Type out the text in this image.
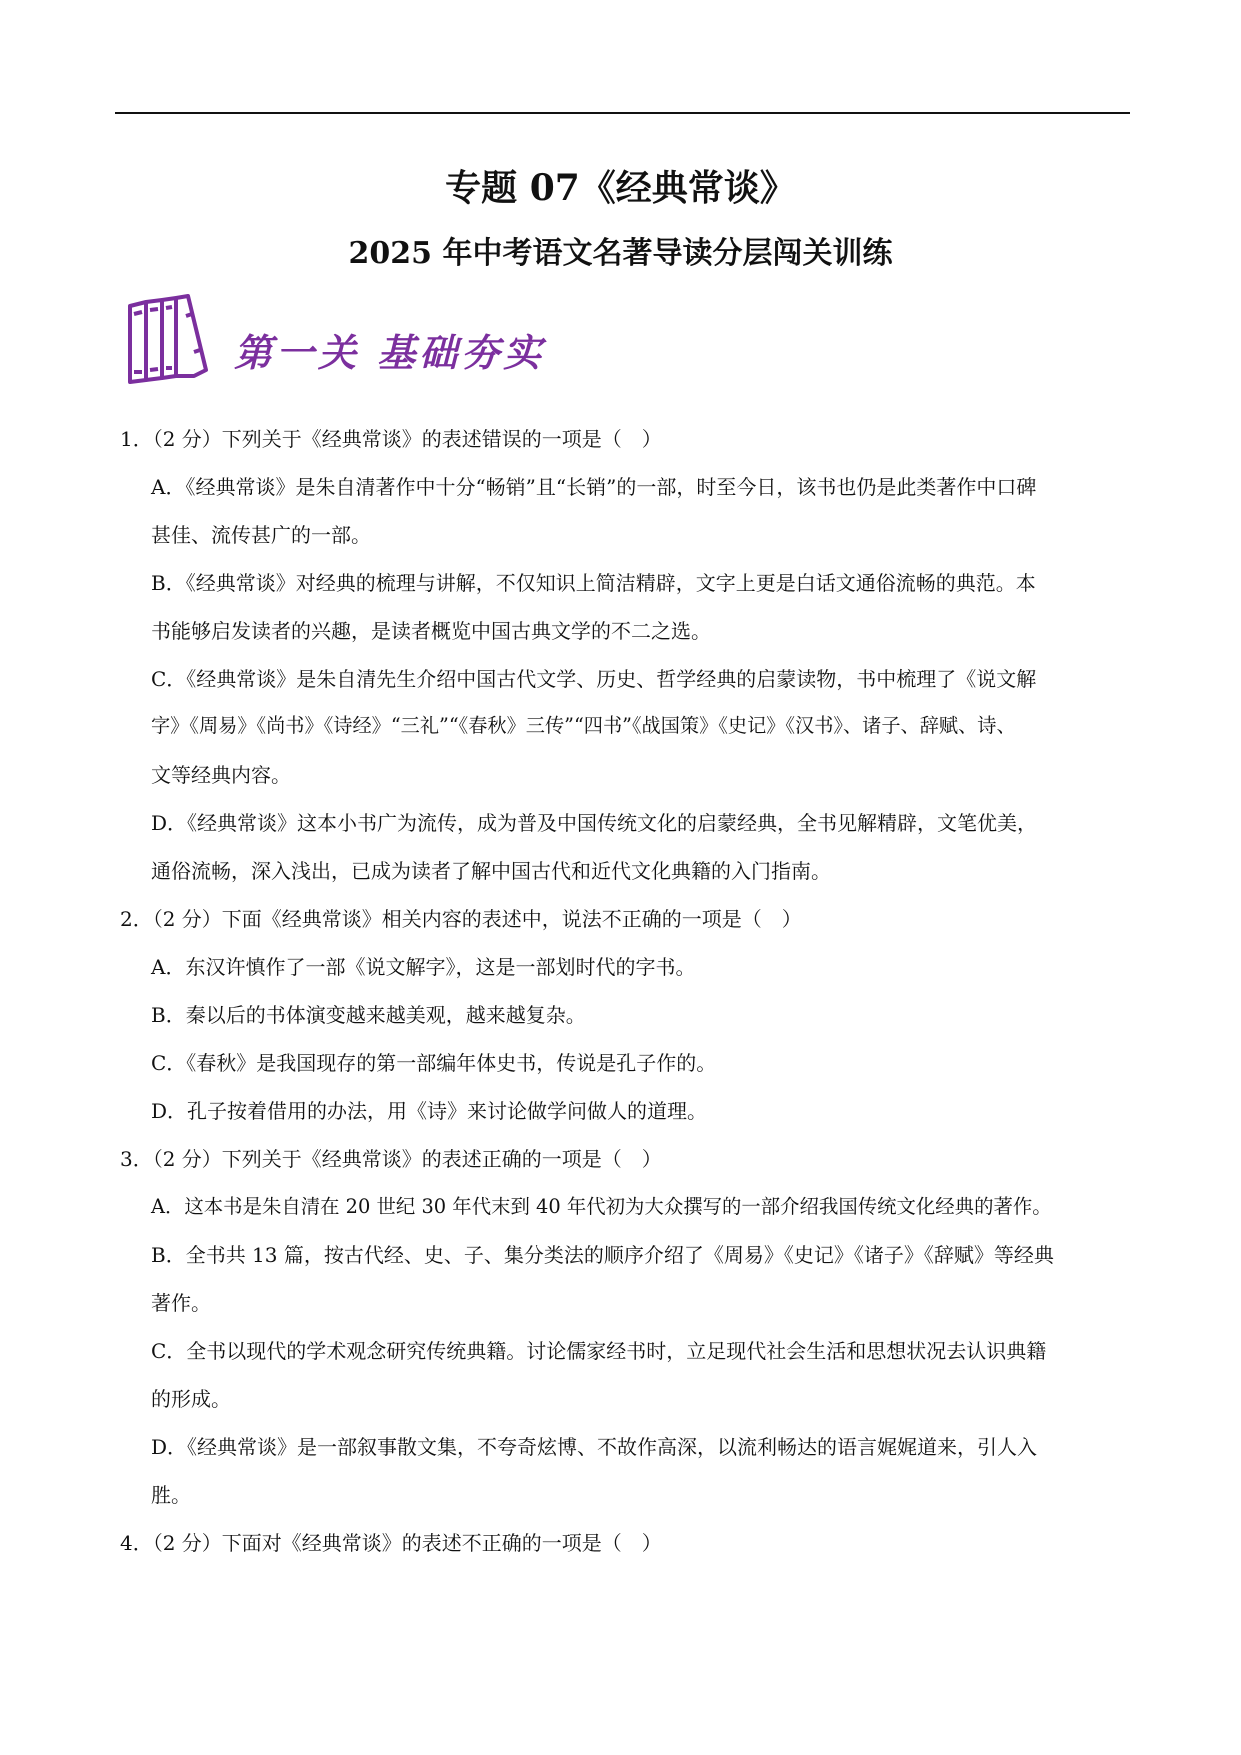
专题 07《经典常谈》
2025 年中考语文名著导读分层闯关训练
第一关 基础夯实
1．（2 分）下列关于《经典常谈》的表述错误的一项是（　）
A．《经典常谈》是朱自清著作中十分“畅销”且“长销”的一部，时至今日，该书也仍是此类著作中口碑
甚佳、流传甚广的一部。
B．《经典常谈》对经典的梳理与讲解，不仅知识上简洁精辟，文字上更是白话文通俗流畅的典范。本
书能够启发读者的兴趣，是读者概览中国古典文学的不二之选。
C．《经典常谈》是朱自清先生介绍中国古代文学、历史、哲学经典的启蒙读物，书中梳理了《说文解
字》《周易》《尚书》《诗经》“三礼”“《春秋》三传”“四书”《战国策》《史记》《汉书》、诸子、辞赋、诗、
文等经典内容。
D．《经典常谈》这本小书广为流传，成为普及中国传统文化的启蒙经典，全书见解精辟，文笔优美，
通俗流畅，深入浅出，已成为读者了解中国古代和近代文化典籍的入门指南。
2．（2 分）下面《经典常谈》相关内容的表述中，说法不正确的一项是（　）
A．东汉许慎作了一部《说文解字》，这是一部划时代的字书。
B．秦以后的书体演变越来越美观，越来越复杂。
C．《春秋》是我国现存的第一部编年体史书，传说是孔子作的。
D．孔子按着借用的办法，用《诗》来讨论做学问做人的道理。
3．（2 分）下列关于《经典常谈》的表述正确的一项是（　）
A．这本书是朱自清在 20 世纪 30 年代末到 40 年代初为大众撰写的一部介绍我国传统文化经典的著作。
B．全书共 13 篇，按古代经、史、子、集分类法的顺序介绍了《周易》《史记》《诸子》《辞赋》等经典
著作。
C．全书以现代的学术观念研究传统典籍。讨论儒家经书时，立足现代社会生活和思想状况去认识典籍
的形成。
D．《经典常谈》是一部叙事散文集，不夸奇炫博、不故作高深，以流利畅达的语言娓娓道来，引人入
胜。
4．（2 分）下面对《经典常谈》的表述不正确的一项是（　）
